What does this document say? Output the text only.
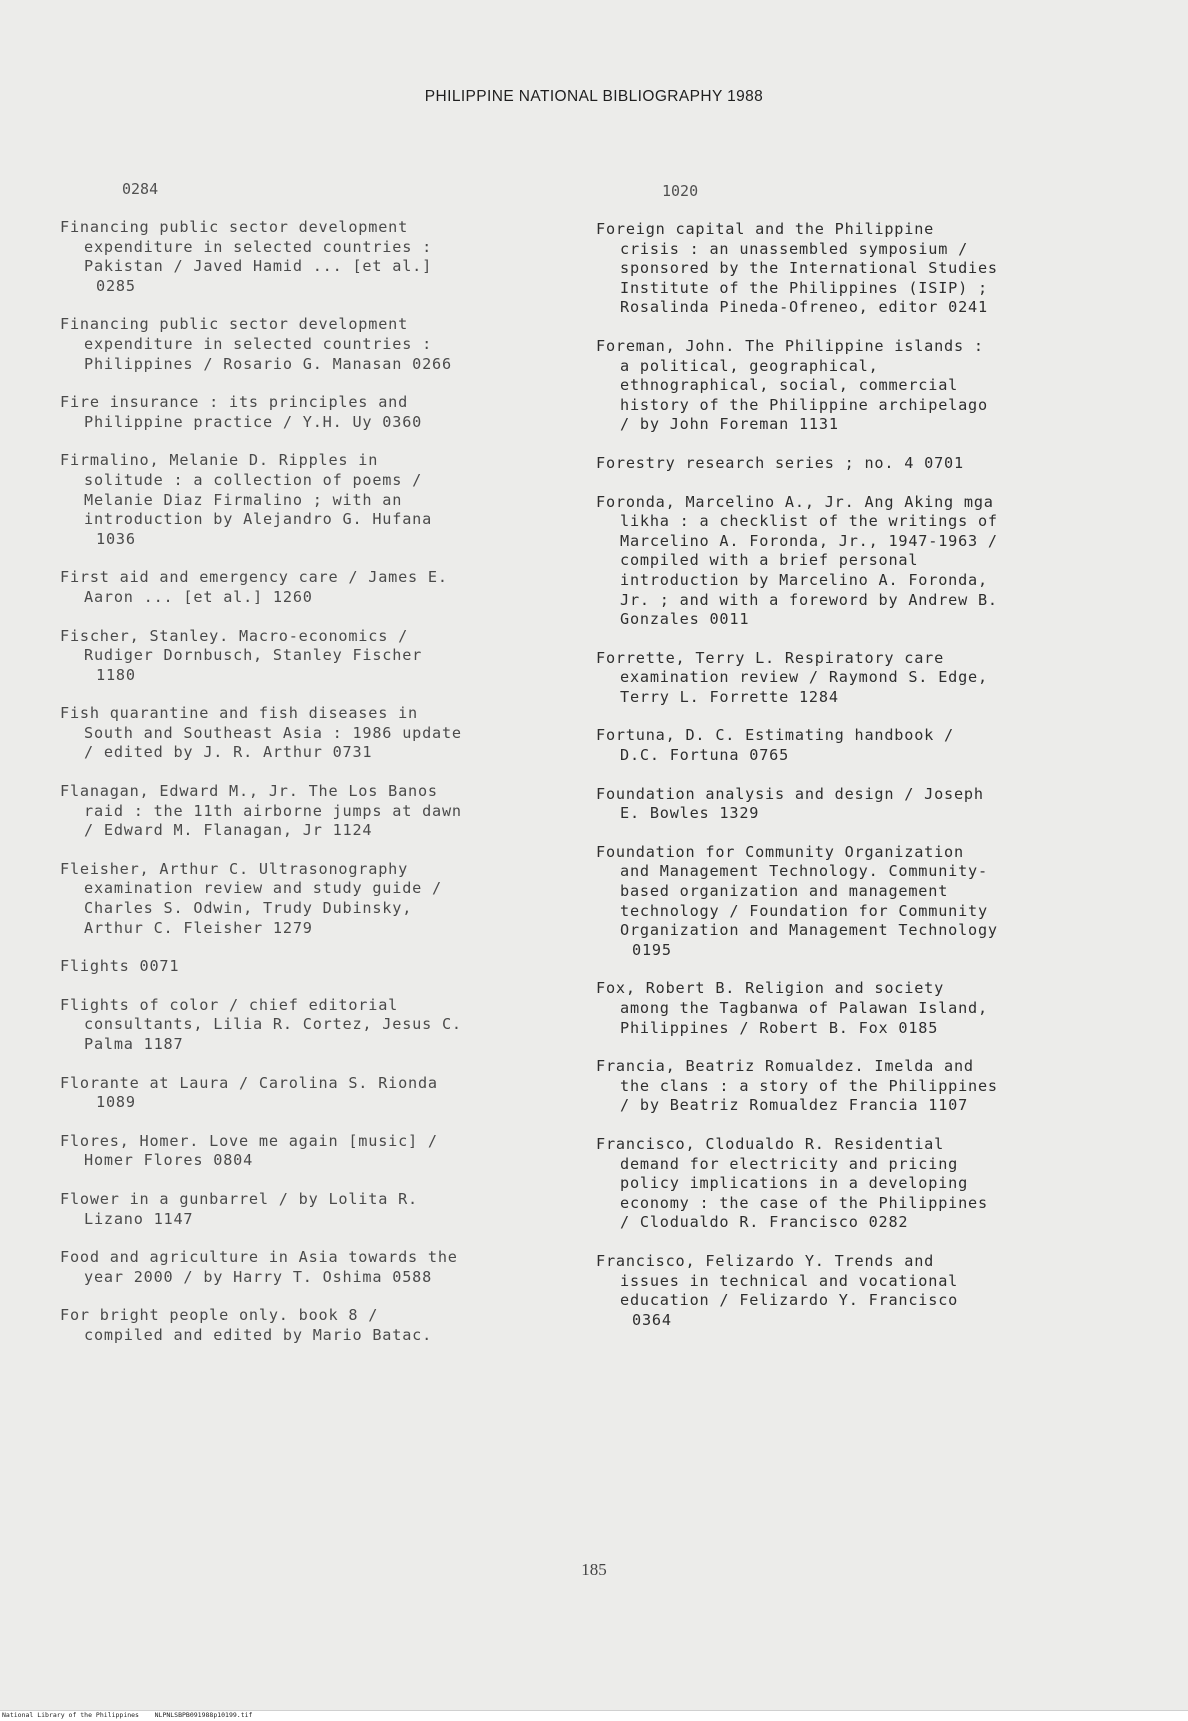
PHILIPPINE NATIONAL BIBLIOGRAPHY 1988
0284
Financing public sector development
expenditure in selected countries :
Pakistan / Javed Hamid ... [et al.]

0285
Financing public sector development
expenditure in selected countries :
Philippines / Rosario G. Manasan 0266
Fire insurance : its principles and
Philippine practice / Y.H. Uy 0360
Firmalino, Melanie D. Ripples in
solitude : a collection of poems /
Melanie Diaz Firmalino ; with an
introduction by Alejandro G. Hufana

1036
First aid and emergency care / James E.
Aaron ... [et al.] 1260
Fischer, Stanley. Macro-economics /
Rudiger Dornbusch, Stanley Fischer

1180
Fish quarantine and fish diseases in
South and Southeast Asia : 1986 update
/ edited by J. R. Arthur 0731
Flanagan, Edward M., Jr. The Los Banos
raid : the 11th airborne jumps at dawn
/ Edward M. Flanagan, Jr 1124
Fleisher, Arthur C. Ultrasonography
examination review and study guide /
Charles S. Odwin, Trudy Dubinsky,
Arthur C. Fleisher 1279
Flights 0071
Flights of color / chief editorial
consultants, Lilia R. Cortez, Jesus C.
Palma 1187
Florante at Laura / Carolina S. Rionda

1089
Flores, Homer. Love me again [music] /
Homer Flores 0804
Flower in a gunbarrel / by Lolita R.
Lizano 1147
Food and agriculture in Asia towards the
year 2000 / by Harry T. Oshima 0588
For bright people only. book 8 /
compiled and edited by Mario Batac.
1020
Foreign capital and the Philippine
crisis : an unassembled symposium /
sponsored by the International Studies
Institute of the Philippines (ISIP) ;
Rosalinda Pineda-Ofreneo, editor 0241
Foreman, John. The Philippine islands :
a political, geographical,
ethnographical, social, commercial
history of the Philippine archipelago
/ by John Foreman 1131
Forestry research series ; no. 4 0701
Foronda, Marcelino A., Jr. Ang Aking mga
likha : a checklist of the writings of
Marcelino A. Foronda, Jr., 1947-1963 /
compiled with a brief personal
introduction by Marcelino A. Foronda,
Jr. ; and with a foreword by Andrew B.
Gonzales 0011
Forrette, Terry L. Respiratory care
examination review / Raymond S. Edge,
Terry L. Forrette 1284
Fortuna, D. C. Estimating handbook /
D.C. Fortuna 0765
Foundation analysis and design / Joseph
E. Bowles 1329
Foundation for Community Organization
and Management Technology. Community-
based organization and management
technology / Foundation for Community
Organization and Management Technology

0195
Fox, Robert B. Religion and society
among the Tagbanwa of Palawan Island,
Philippines / Robert B. Fox 0185
Francia, Beatriz Romualdez. Imelda and
the clans : a story of the Philippines
/ by Beatriz Romualdez Francia 1107
Francisco, Clodualdo R. Residential
demand for electricity and pricing
policy implications in a developing
economy : the case of the Philippines
/ Clodualdo R. Francisco 0282
Francisco, Felizardo Y. Trends and
issues in technical and vocational
education / Felizardo Y. Francisco

0364
185
National Library of the Philippines    NLPNLSBPB091988p10199.tif
